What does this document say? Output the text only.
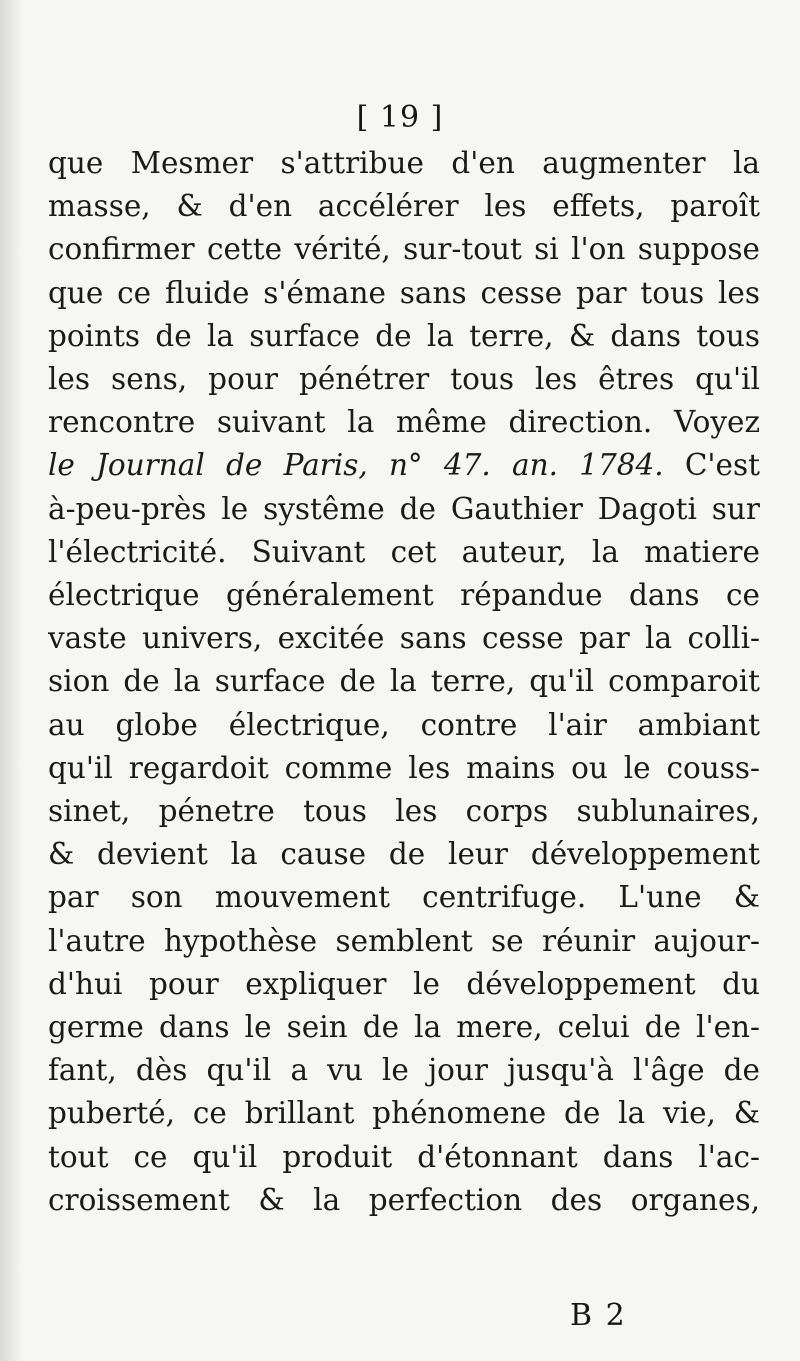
[ 19 ]
que Mesmer s'attribue d'en augmenter la
masse, & d'en accélérer les effets, paroît
confirmer cette vérité, sur-tout si l'on suppose
que ce fluide s'émane sans cesse par tous les
points de la surface de la terre, & dans tous
les sens, pour pénétrer tous les êtres qu'il
rencontre suivant la même direction. Voyez
le Journal de Paris, n° 47. an. 1784. C'est
à-peu-près le systême de Gauthier Dagoti sur
l'électricité. Suivant cet auteur, la matiere
électrique généralement répandue dans ce
vaste univers, excitée sans cesse par la colli-
sion de la surface de la terre, qu'il comparoit
au globe électrique, contre l'air ambiant
qu'il regardoit comme les mains ou le couss-
sinet, pénetre tous les corps sublunaires,
& devient la cause de leur développement
par son mouvement centrifuge. L'une &
l'autre hypothèse semblent se réunir aujour-
d'hui pour expliquer le développement du
germe dans le sein de la mere, celui de l'en-
fant, dès qu'il a vu le jour jusqu'à l'âge de
puberté, ce brillant phénomene de la vie, &
tout ce qu'il produit d'étonnant dans l'ac-
croissement & la perfection des organes,
B 2
